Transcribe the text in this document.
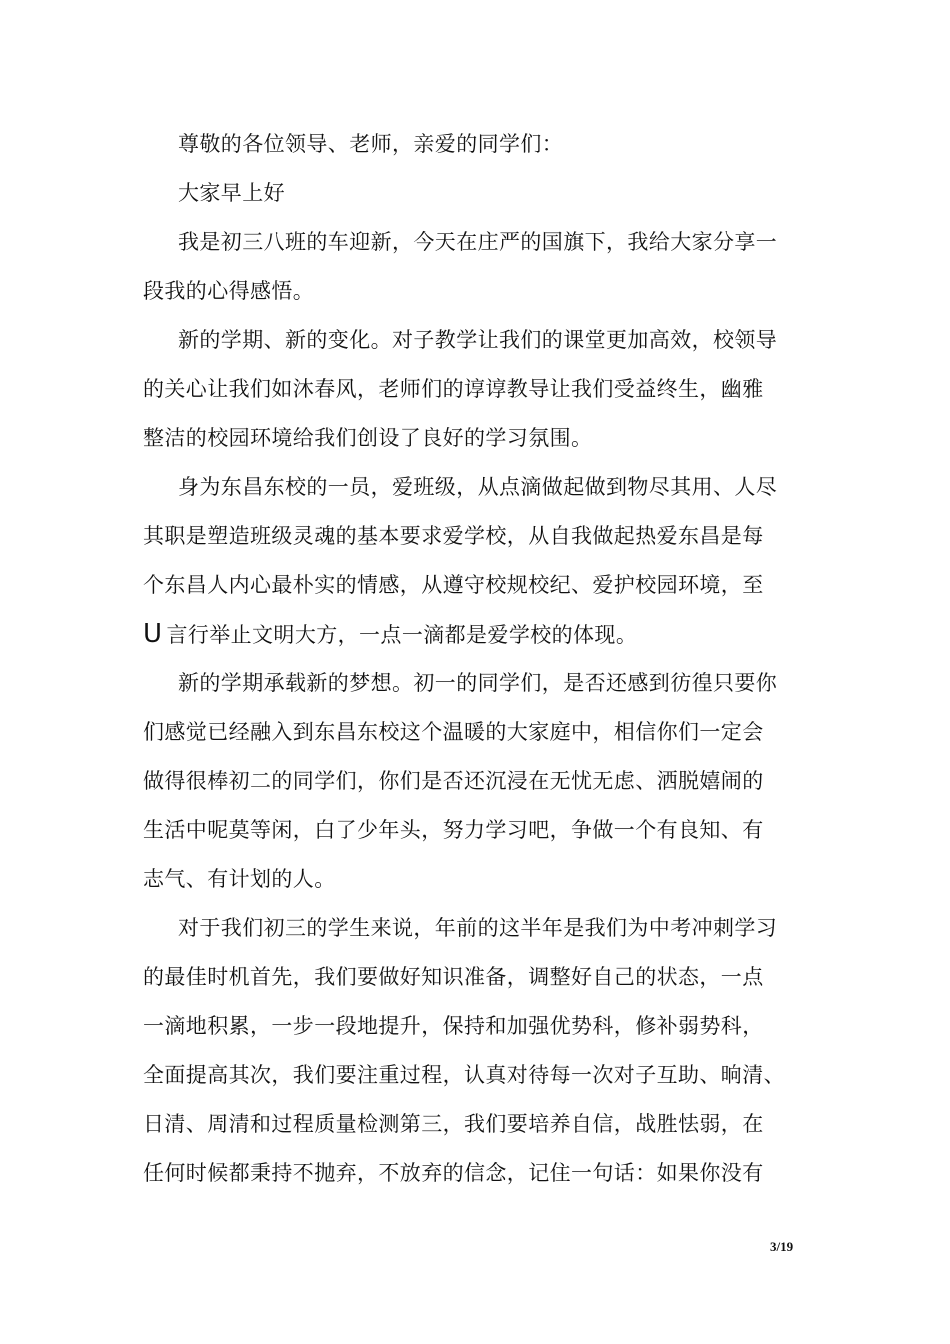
尊敬的各位领导、老师，亲爱的同学们：
大家早上好
我是初三八班的车迎新，今天在庄严的国旗下，我给大家分享一
段我的心得感悟。
新的学期、新的变化。对子教学让我们的课堂更加高效，校领导
的关心让我们如沐春风，老师们的谆谆教导让我们受益终生，幽雅
整洁的校园环境给我们创设了良好的学习氛围。
身为东昌东校的一员，爱班级，从点滴做起做到物尽其用、人尽
其职是塑造班级灵魂的基本要求爱学校，从自我做起热爱东昌是每
个东昌人内心最朴实的情感，从遵守校规校纪、爱护校园环境，至
U 言行举止文明大方，一点一滴都是爱学校的体现。
新的学期承载新的梦想。初一的同学们，是否还感到彷徨只要你
们感觉已经融入到东昌东校这个温暖的大家庭中，相信你们一定会
做得很棒初二的同学们，你们是否还沉浸在无忧无虑、洒脱嬉闹的
生活中呢莫等闲，白了少年头，努力学习吧，争做一个有良知、有
志气、有计划的人。
对于我们初三的学生来说，年前的这半年是我们为中考冲刺学习
的最佳时机首先，我们要做好知识准备，调整好自己的状态，一点
一滴地积累，一步一段地提升，保持和加强优势科，修补弱势科，
全面提高其次，我们要注重过程，认真对待每一次对子互助、晌清、
日清、周清和过程质量检测第三，我们要培养自信，战胜怯弱，在
任何时候都秉持不抛弃，不放弃的信念，记住一句话：如果你没有
3/19
